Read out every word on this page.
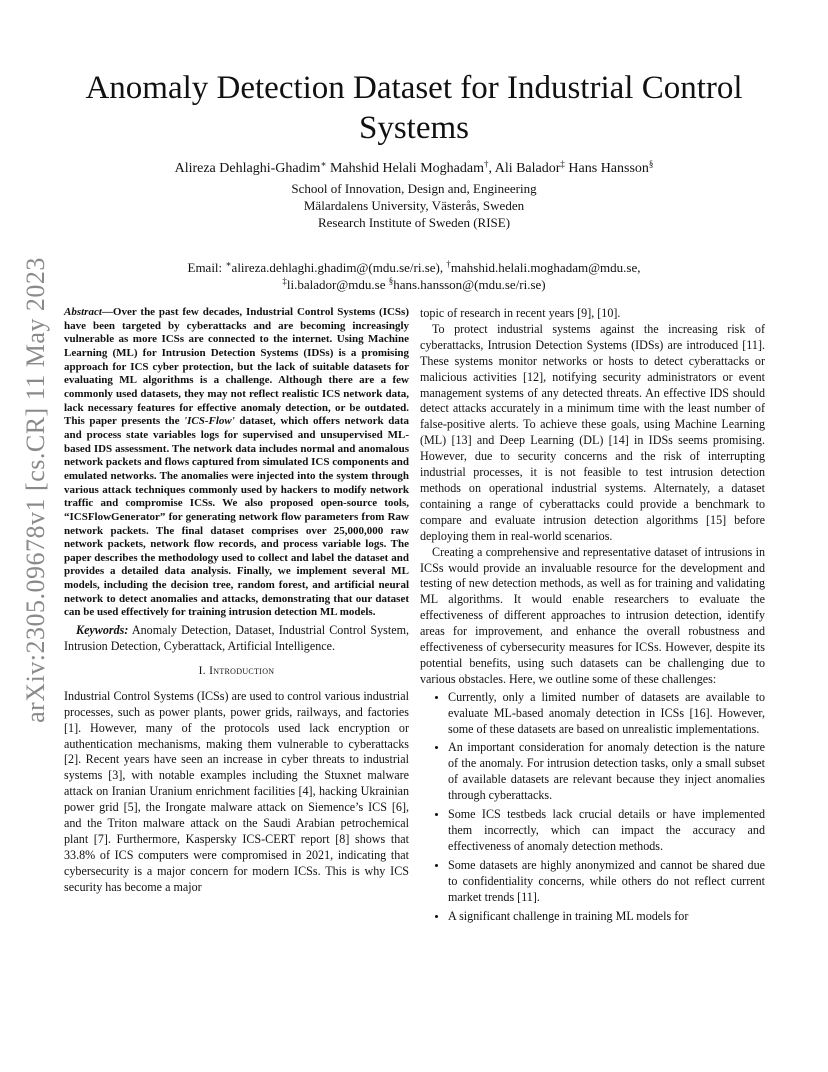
arXiv:2305.09678v1 [cs.CR] 11 May 2023
Anomaly Detection Dataset for Industrial Control Systems
Alireza Dehlaghi-Ghadim∗ Mahshid Helali Moghadam†, Ali Balador‡ Hans Hansson§
School of Innovation, Design and, Engineering
Mälardalens University, Västerås, Sweden
Research Institute of Sweden (RISE)
Email: ∗alireza.dehlaghi.ghadim@(mdu.se/ri.se), †mahshid.helali.moghadam@mdu.se,
‡li.balador@mdu.se §hans.hansson@(mdu.se/ri.se)

Abstract—Over the past few decades, Industrial Control Systems (ICSs) have been targeted by cyberattacks and are becoming increasingly vulnerable as more ICSs are connected to the internet. Using Machine Learning (ML) for Intrusion Detection Systems (IDSs) is a promising approach for ICS cyber protection, but the lack of suitable datasets for evaluating ML algorithms is a challenge. Although there are a few commonly used datasets, they may not reflect realistic ICS network data, lack necessary features for effective anomaly detection, or be outdated. This paper presents the 'ICS-Flow' dataset, which offers network data and process state variables logs for supervised and unsupervised ML-based IDS assessment. The network data includes normal and anomalous network packets and flows captured from simulated ICS components and emulated networks. The anomalies were injected into the system through various attack techniques commonly used by hackers to modify network traffic and compromise ICSs. We also proposed open-source tools, “ICSFlowGenerator” for generating network flow parameters from Raw network packets. The final dataset comprises over 25,000,000 raw network packets, network flow records, and process variable logs. The paper describes the methodology used to collect and label the dataset and provides a detailed data analysis. Finally, we implement several ML models, including the decision tree, random forest, and artificial neural network to detect anomalies and attacks, demonstrating that our dataset can be used effectively for training intrusion detection ML models.

Keywords: Anomaly Detection, Dataset, Industrial Control System, Intrusion Detection, Cyberattack, Artificial Intelligence.

I. Introduction

Industrial Control Systems (ICSs) are used to control various industrial processes, such as power plants, power grids, railways, and factories [1]. However, many of the protocols used lack encryption or authentication mechanisms, making them vulnerable to cyberattacks [2]. Recent years have seen an increase in cyber threats to industrial systems [3], with notable examples including the Stuxnet malware attack on Iranian Uranium enrichment facilities [4], hacking Ukrainian power grid [5], the Irongate malware attack on Siemence’s ICS [6], and the Triton malware attack on the Saudi Arabian petrochemical plant [7]. Furthermore, Kaspersky ICS-CERT report [8] shows that 33.8% of ICS computers were compromised in 2021, indicating that cybersecurity is a major concern for modern ICSs. This is why ICS security has become a major

topic of research in recent years [9], [10].

To protect industrial systems against the increasing risk of cyberattacks, Intrusion Detection Systems (IDSs) are introduced [11]. These systems monitor networks or hosts to detect cyberattacks or malicious activities [12], notifying security administrators or event management systems of any detected threats. An effective IDS should detect attacks accurately in a minimum time with the least number of false-positive alerts. To achieve these goals, using Machine Learning (ML) [13] and Deep Learning (DL) [14] in IDSs seems promising. However, due to security concerns and the risk of interrupting industrial processes, it is not feasible to test intrusion detection methods on operational industrial systems. Alternately, a dataset containing a range of cyberattacks could provide a benchmark to compare and evaluate intrusion detection algorithms [15] before deploying them in real-world scenarios.

Creating a comprehensive and representative dataset of intrusions in ICSs would provide an invaluable resource for the development and testing of new detection methods, as well as for training and validating ML algorithms. It would enable researchers to evaluate the effectiveness of different approaches to intrusion detection, identify areas for improvement, and enhance the overall robustness and effectiveness of cybersecurity measures for ICSs. However, despite its potential benefits, using such datasets can be challenging due to various obstacles. Here, we outline some of these challenges:

• Currently, only a limited number of datasets are available to evaluate ML-based anomaly detection in ICSs [16]. However, some of these datasets are based on unrealistic implementations.
• An important consideration for anomaly detection is the nature of the anomaly. For intrusion detection tasks, only a small subset of available datasets are relevant because they inject anomalies through cyberattacks.
• Some ICS testbeds lack crucial details or have implemented them incorrectly, which can impact the accuracy and effectiveness of anomaly detection methods.
• Some datasets are highly anonymized and cannot be shared due to confidentiality concerns, while others do not reflect current market trends [11].
• A significant challenge in training ML models for
